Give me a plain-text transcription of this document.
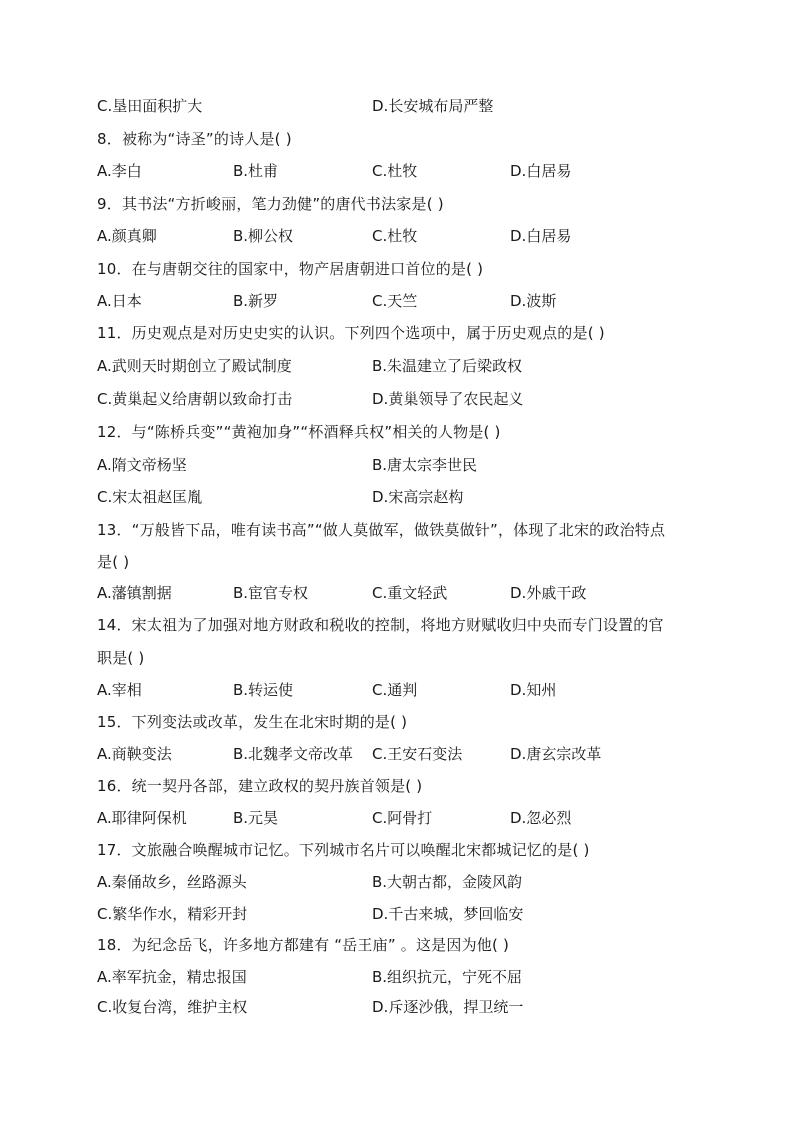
C.垦田面积扩大	D.长安城布局严整
8．被称为“诗圣”的诗人是( )
A.李白	B.杜甫	C.杜牧	D.白居易
9．其书法“方折峻丽，笔力劲健”的唐代书法家是( )
A.颜真卿	B.柳公权	C.杜牧	D.白居易
10．在与唐朝交往的国家中，物产居唐朝进口首位的是( )
A.日本	B.新罗	C.天竺	D.波斯
11．历史观点是对历史史实的认识。下列四个选项中，属于历史观点的是( )
A.武则天时期创立了殿试制度	B.朱温建立了后梁政权
C.黄巢起义给唐朝以致命打击	D.黄巢领导了农民起义
12．与“陈桥兵变”“黄袍加身”“杯酒释兵权”相关的人物是( )
A.隋文帝杨坚	B.唐太宗李世民
C.宋太祖赵匡胤	D.宋高宗赵构
13．“万般皆下品，唯有读书高”“做人莫做军，做铁莫做针”，体现了北宋的政治特点
是( )
A.藩镇割据	B.宦官专权	C.重文轻武	D.外戚干政
14．宋太祖为了加强对地方财政和税收的控制，将地方财赋收归中央而专门设置的官
职是( )
A.宰相	B.转运使	C.通判	D.知州
15．下列变法或改革，发生在北宋时期的是( )
A.商鞅变法	B.北魏孝文帝改革 C.王安石变法	D.唐玄宗改革
16．统一契丹各部，建立政权的契丹族首领是( )
A.耶律阿保机	B.元昊	C.阿骨打	D.忽必烈
17．文旅融合唤醒城市记忆。下列城市名片可以唤醒北宋都城记忆的是( )
A.秦俑故乡，丝路源头	B.大朝古都，金陵风韵
C.繁华作水，精彩开封	D.千古来城，梦回临安
18．为纪念岳飞，许多地方都建有 “岳王庙” 。这是因为他( )
A.率军抗金，精忠报国	B.组织抗元，宁死不屈
C.收复台湾，维护主权	D.斥逐沙俄，捍卫统一
